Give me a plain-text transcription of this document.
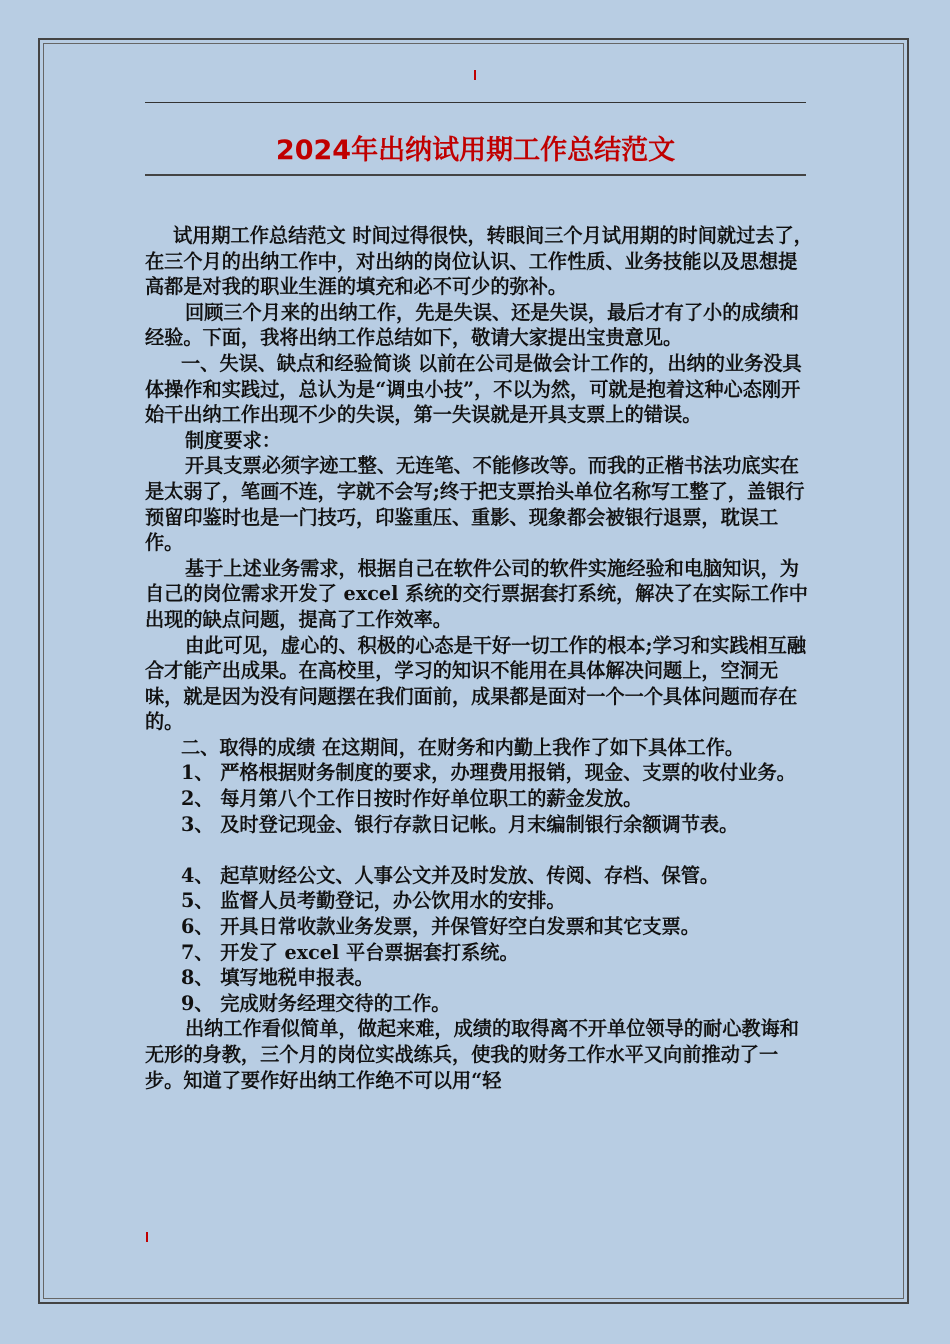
2024年出纳试用期工作总结范文

试用期工作总结范文 时间过得很快，转眼间三个月试用期的时间就过去了，在三个月的出纳工作中，对出纳的岗位认识、工作性质、业务技能以及思想提高都是对我的职业生涯的填充和必不可少的弥补。

回顾三个月来的出纳工作，先是失误、还是失误，最后才有了小的成绩和经验。下面，我将出纳工作总结如下，敬请大家提出宝贵意见。

一、失误、缺点和经验简谈 以前在公司是做会计工作的，出纳的业务没具体操作和实践过，总认为是“调虫小技”，不以为然，可就是抱着这种心态刚开始干出纳工作出现不少的失误，第一失误就是开具支票上的错误。

制度要求：

开具支票必须字迹工整、无连笔、不能修改等。而我的正楷书法功底实在是太弱了，笔画不连，字就不会写;终于把支票抬头单位名称写工整了，盖银行预留印鉴时也是一门技巧，印鉴重压、重影、现象都会被银行退票，耽误工作。

基于上述业务需求，根据自己在软件公司的软件实施经验和电脑知识，为自己的岗位需求开发了 excel 系统的交行票据套打系统，解决了在实际工作中出现的缺点问题，提高了工作效率。

由此可见，虚心的、积极的心态是干好一切工作的根本;学习和实践相互融合才能产出成果。在高校里，学习的知识不能用在具体解决问题上，空洞无味，就是因为没有问题摆在我们面前，成果都是面对一个一个具体问题而存在的。

二、取得的成绩 在这期间，在财务和内勤上我作了如下具体工作。

1、 严格根据财务制度的要求，办理费用报销，现金、支票的收付业务。

2、 每月第八个工作日按时作好单位职工的薪金发放。

3、 及时登记现金、银行存款日记帐。月末编制银行余额调节表。

4、 起草财经公文、人事公文并及时发放、传阅、存档、保管。

5、 监督人员考勤登记，办公饮用水的安排。

6、 开具日常收款业务发票，并保管好空白发票和其它支票。

7、 开发了 excel 平台票据套打系统。

8、 填写地税申报表。

9、 完成财务经理交待的工作。

出纳工作看似简单，做起来难，成绩的取得离不开单位领导的耐心教诲和无形的身教，三个月的岗位实战练兵，使我的财务工作水平又向前推动了一步。知道了要作好出纳工作绝不可以用“轻
